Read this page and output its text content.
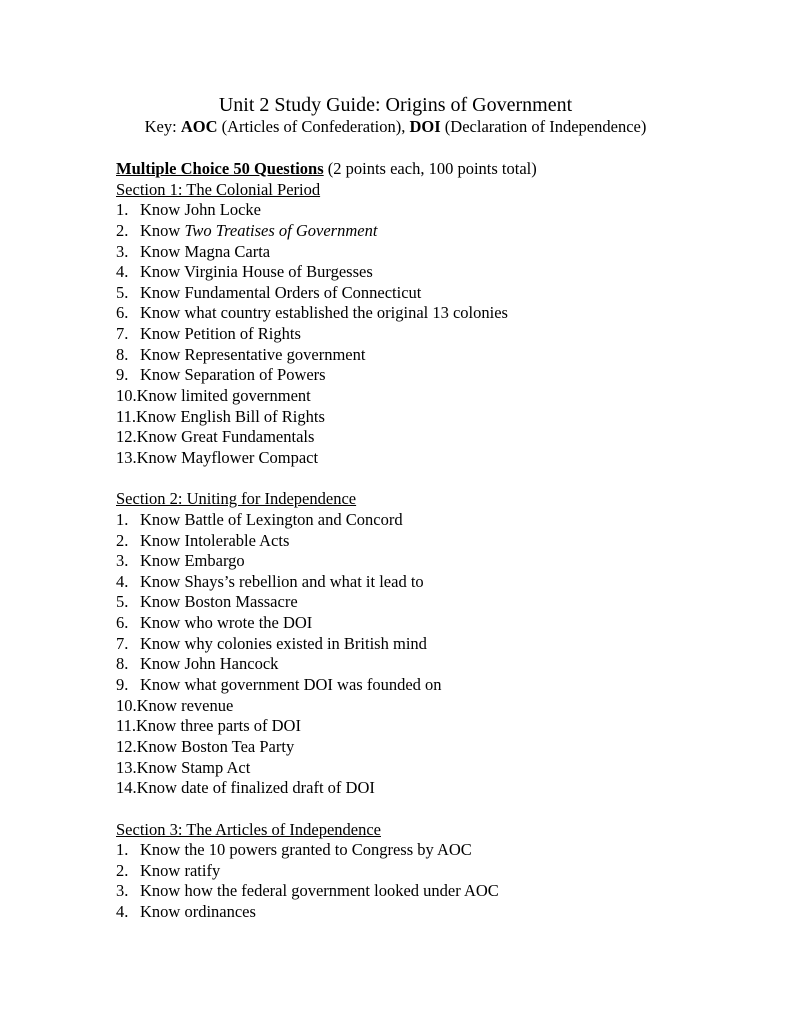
Unit 2 Study Guide: Origins of Government
Key: AOC (Articles of Confederation), DOI (Declaration of Independence)
Multiple Choice 50 Questions (2 points each, 100 points total)
Section 1: The Colonial Period
1. Know John Locke
2. Know Two Treatises of Government
3. Know Magna Carta
4. Know Virginia House of Burgesses
5. Know Fundamental Orders of Connecticut
6. Know what country established the original 13 colonies
7. Know Petition of Rights
8. Know Representative government
9. Know Separation of Powers
10.Know limited government
11.Know English Bill of Rights
12.Know Great Fundamentals
13.Know Mayflower Compact
Section 2: Uniting for Independence
1. Know Battle of Lexington and Concord
2. Know Intolerable Acts
3. Know Embargo
4. Know Shays’s rebellion and what it lead to
5. Know Boston Massacre
6. Know who wrote the DOI
7. Know why colonies existed in British mind
8. Know John Hancock
9. Know what government DOI was founded on
10.Know revenue
11.Know three parts of DOI
12.Know Boston Tea Party
13.Know Stamp Act
14.Know date of finalized draft of DOI
Section 3: The Articles of Independence
1. Know the 10 powers granted to Congress by AOC
2. Know ratify
3. Know how the federal government looked under AOC
4. Know ordinances
